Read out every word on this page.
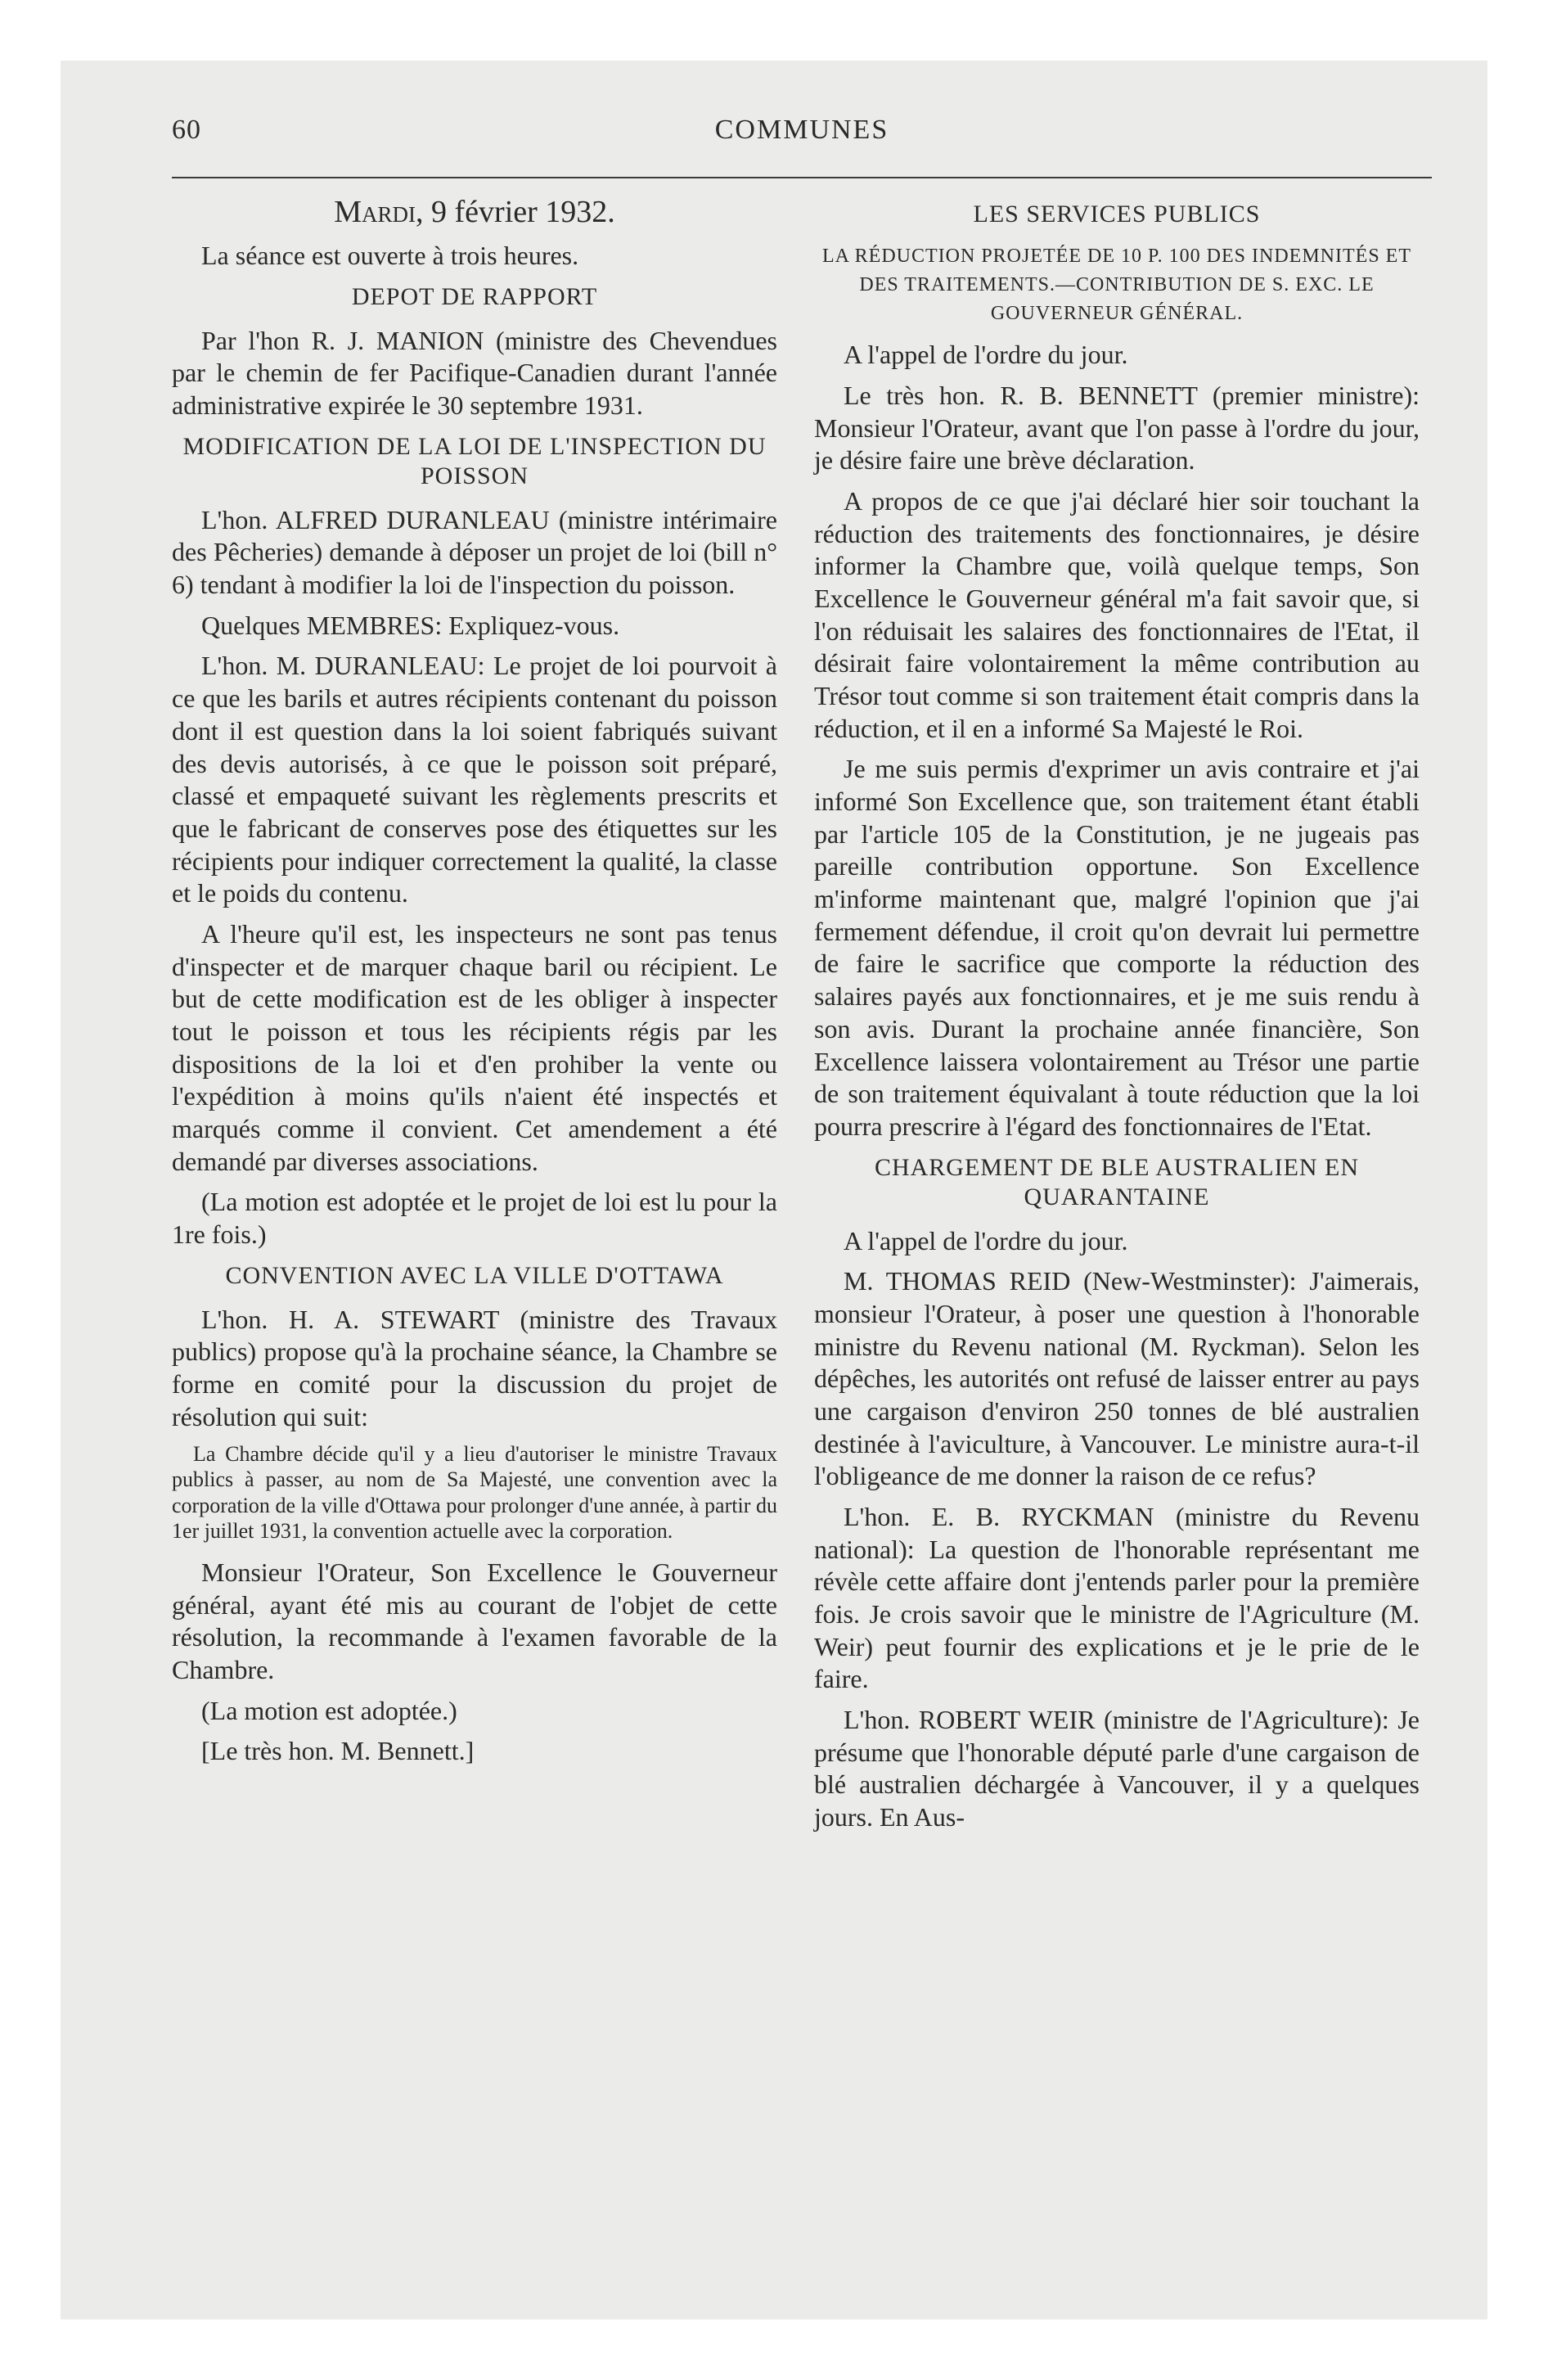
60	COMMUNES
Mardi, 9 février 1932.

La séance est ouverte à trois heures.

DEPOT DE RAPPORT

Par l'hon R. J. MANION (ministre des Chevendues par le chemin de fer Pacifique-Canadien durant l'année administrative expirée le 30 septembre 1931.

MODIFICATION DE LA LOI DE L'INSPECTION DU POISSON

L'hon. ALFRED DURANLEAU (ministre intérimaire des Pêcheries) demande à déposer un projet de loi (bill n° 6) tendant à modifier la loi de l'inspection du poisson.

Quelques MEMBRES: Expliquez-vous.

L'hon. M. DURANLEAU: Le projet de loi pourvoit à ce que les barils et autres récipients contenant du poisson dont il est question dans la loi soient fabriqués suivant des devis autorisés, à ce que le poisson soit préparé, classé et empaqueté suivant les règlements prescrits et que le fabricant de conserves pose des étiquettes sur les récipients pour indiquer correctement la qualité, la classe et le poids du contenu.

A l'heure qu'il est, les inspecteurs ne sont pas tenus d'inspecter et de marquer chaque baril ou récipient. Le but de cette modification est de les obliger à inspecter tout le poisson et tous les récipients régis par les dispositions de la loi et d'en prohiber la vente ou l'expédition à moins qu'ils n'aient été inspectés et marqués comme il convient. Cet amendement a été demandé par diverses associations.

(La motion est adoptée et le projet de loi est lu pour la 1re fois.)

CONVENTION AVEC LA VILLE D'OTTAWA

L'hon. H. A. STEWART (ministre des Travaux publics) propose qu'à la prochaine séance, la Chambre se forme en comité pour la discussion du projet de résolution qui suit:

La Chambre décide qu'il y a lieu d'autoriser le ministre Travaux publics à passer, au nom de Sa Majesté, une convention avec la corporation de la ville d'Ottawa pour prolonger d'une année, à partir du 1er juillet 1931, la convention actuelle avec la corporation.

Monsieur l'Orateur, Son Excellence le Gouverneur général, ayant été mis au courant de l'objet de cette résolution, la recommande à l'examen favorable de la Chambre.

(La motion est adoptée.)

[Le très hon. M. Bennett.]

LES SERVICES PUBLICS
LA RÉDUCTION PROJETÉE DE 10 P. 100 DES INDEMNITÉS ET DES TRAITEMENTS.—CONTRIBUTION DE S. EXC. LE GOUVERNEUR GÉNÉRAL.

A l'appel de l'ordre du jour.

Le très hon. R. B. BENNETT (premier ministre): Monsieur l'Orateur, avant que l'on passe à l'ordre du jour, je désire faire une brève déclaration.

A propos de ce que j'ai déclaré hier soir touchant la réduction des traitements des fonctionnaires, je désire informer la Chambre que, voilà quelque temps, Son Excellence le Gouverneur général m'a fait savoir que, si l'on réduisait les salaires des fonctionnaires de l'Etat, il désirait faire volontairement la même contribution au Trésor tout comme si son traitement était compris dans la réduction, et il en a informé Sa Majesté le Roi.

Je me suis permis d'exprimer un avis contraire et j'ai informé Son Excellence que, son traitement étant établi par l'article 105 de la Constitution, je ne jugeais pas pareille contribution opportune. Son Excellence m'informe maintenant que, malgré l'opinion que j'ai fermement défendue, il croit qu'on devrait lui permettre de faire le sacrifice que comporte la réduction des salaires payés aux fonctionnaires, et je me suis rendu à son avis. Durant la prochaine année financière, Son Excellence laissera volontairement au Trésor une partie de son traitement équivalant à toute réduction que la loi pourra prescrire à l'égard des fonctionnaires de l'Etat.

CHARGEMENT DE BLE AUSTRALIEN EN QUARANTAINE

A l'appel de l'ordre du jour.

M. THOMAS REID (New-Westminster): J'aimerais, monsieur l'Orateur, à poser une question à l'honorable ministre du Revenu national (M. Ryckman). Selon les dépêches, les autorités ont refusé de laisser entrer au pays une cargaison d'environ 250 tonnes de blé australien destinée à l'aviculture, à Vancouver. Le ministre aura-t-il l'obligeance de me donner la raison de ce refus?

L'hon. E. B. RYCKMAN (ministre du Revenu national): La question de l'honorable représentant me révèle cette affaire dont j'entends parler pour la première fois. Je crois savoir que le ministre de l'Agriculture (M. Weir) peut fournir des explications et je le prie de le faire.

L'hon. ROBERT WEIR (ministre de l'Agriculture): Je présume que l'honorable député parle d'une cargaison de blé australien déchargée à Vancouver, il y a quelques jours. En Aus-
